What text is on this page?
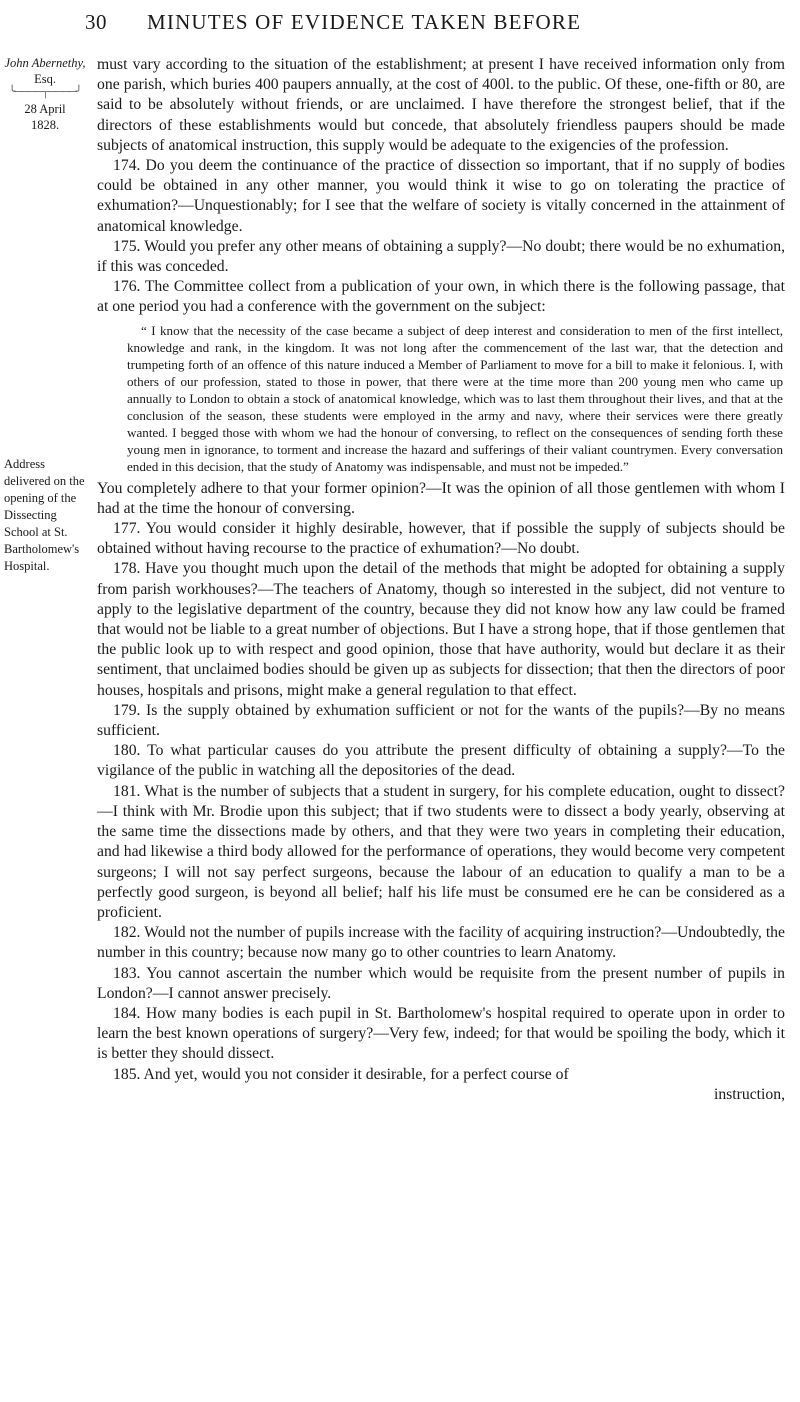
30 MINUTES OF EVIDENCE TAKEN BEFORE
John Abernethy,
Esq.
╰────┬────╯
28 April
1828.
Address delivered on the opening of the Dissecting School at St. Bartholomew's Hospital.

must vary according to the situation of the establishment; at present I have received information only from one parish, which buries 400 paupers annually, at the cost of 400l. to the public. Of these, one-fifth or 80, are said to be absolutely without friends, or are unclaimed. I have therefore the strongest belief, that if the directors of these establishments would but concede, that absolutely friendless paupers should be made subjects of anatomical instruction, this supply would be adequate to the exigencies of the profession.

174. Do you deem the continuance of the practice of dissection so important, that if no supply of bodies could be obtained in any other manner, you would think it wise to go on tolerating the practice of exhumation?—Unquestionably; for I see that the welfare of society is vitally concerned in the attainment of anatomical knowledge.

175. Would you prefer any other means of obtaining a supply?—No doubt; there would be no exhumation, if this was conceded.

176. The Committee collect from a publication of your own, in which there is the following passage, that at one period you had a conference with the government on the subject:

“ I know that the necessity of the case became a subject of deep interest and consideration to men of the first intellect, knowledge and rank, in the kingdom. It was not long after the commencement of the last war, that the detection and trumpeting forth of an offence of this nature induced a Member of Parliament to move for a bill to make it felonious. I, with others of our profession, stated to those in power, that there were at the time more than 200 young men who came up annually to London to obtain a stock of anatomical knowledge, which was to last them throughout their lives, and that at the conclusion of the season, these students were employed in the army and navy, where their services were there greatly wanted. I begged those with whom we had the honour of conversing, to reflect on the consequences of sending forth these young men in ignorance, to torment and increase the hazard and sufferings of their valiant countrymen. Every conversation ended in this decision, that the study of Anatomy was indispensable, and must not be impeded.”

You completely adhere to that your former opinion?—It was the opinion of all those gentlemen with whom I had at the time the honour of conversing.

177. You would consider it highly desirable, however, that if possible the supply of subjects should be obtained without having recourse to the practice of exhumation?—No doubt.

178. Have you thought much upon the detail of the methods that might be adopted for obtaining a supply from parish workhouses?—The teachers of Anatomy, though so interested in the subject, did not venture to apply to the legislative department of the country, because they did not know how any law could be framed that would not be liable to a great number of objections. But I have a strong hope, that if those gentlemen that the public look up to with respect and good opinion, those that have authority, would but declare it as their sentiment, that unclaimed bodies should be given up as subjects for dissection; that then the directors of poor houses, hospitals and prisons, might make a general regulation to that effect.

179. Is the supply obtained by exhumation sufficient or not for the wants of the pupils?—By no means sufficient.

180. To what particular causes do you attribute the present difficulty of obtaining a supply?—To the vigilance of the public in watching all the depositories of the dead.

181. What is the number of subjects that a student in surgery, for his complete education, ought to dissect?—I think with Mr. Brodie upon this subject; that if two students were to dissect a body yearly, observing at the same time the dissections made by others, and that they were two years in completing their education, and had likewise a third body allowed for the performance of operations, they would become very competent surgeons; I will not say perfect surgeons, because the labour of an education to qualify a man to be a perfectly good surgeon, is beyond all belief; half his life must be consumed ere he can be considered as a proficient.

182. Would not the number of pupils increase with the facility of acquiring instruction?—Undoubtedly, the number in this country; because now many go to other countries to learn Anatomy.

183. You cannot ascertain the number which would be requisite from the present number of pupils in London?—I cannot answer precisely.

184. How many bodies is each pupil in St. Bartholomew's hospital required to operate upon in order to learn the best known operations of surgery?—Very few, indeed; for that would be spoiling the body, which it is better they should dissect.

185. And yet, would you not consider it desirable, for a perfect course of

instruction,
